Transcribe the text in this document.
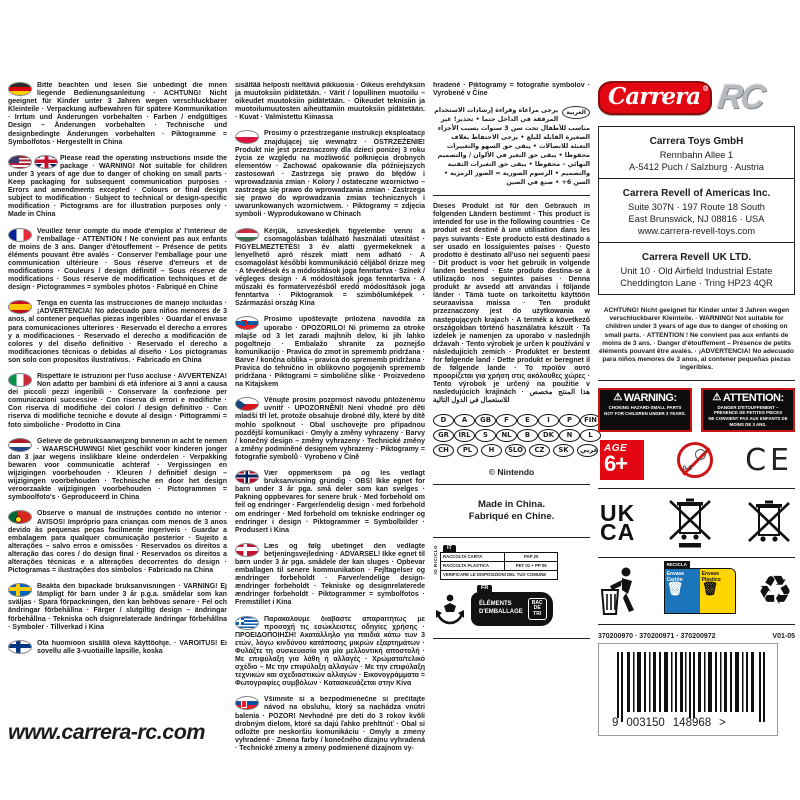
Bitte beachten und lesen Sie unbedingt die innen liegende Bedienungsanleitung · ACHTUNG! Nicht geeignet für Kinder unter 3 Jahren wegen verschluckbarer Kleinteile · Verpackung aufbewahren für spätere Kommunikation · Irrtum und Änderungen vorbehalten · Farben / endgültiges Design – Änderungen vorbehalten · Technische und designbedingte Änderungen vorbehalten · Piktogramme = Symbolfotos · Hergestellt in China

Please read the operating instructions inside the package · WARNING! Not suitable for children under 3 years of age due to danger of choking on small parts · Keep packaging for subsequent communication purposes · Errors and amendments excepted · Colours or final design subject to modification · Subject to technical or design-specific modification · Pictograms are for illustration purposes only · Made in China

Veuillez tenir compte du mode d'emploi a' l'intérieur de l'emballage · ATTENTION ! Ne convient pas aux enfants de moins de 3 ans. Danger d'étouffement – Présence de petits éléments pouvant être avalés · Conserver l'emballage pour une communication ultérieure · Sous réserve d'erreurs et de modifications · Couleurs / design définitif – Sous réserve de modifications · Sous réserve de modification techniques et de design · Pictogrammes = symboles photos · Fabriqué en Chine

Tenga en cuenta las instrucciones de manejo incluidas · ¡ADVERTENCIA! No adecuado para niños menores de 3 anos, al contener pequeñas piezas ingeribles · Guardar el envase para comunicaciones ulteriores · Reservado el derecho a errores y a modificaciones · Reservado el derecho a modificación de colores y del diseño definitivo · Reservado el derecho a modificaciones técnicas o debidas al diseño · Los pictogramas son solo con propositos ilustrativos. · Fabricado en China

Rispettare le istruzioni per l'uso accluse · AVVERTENZA! Non adatto per bambini di età inferiore ai 3 anni a causa dei piccoli pezzi ingeribili · Conservare la confezione per comunicazioni successive · Con riserva di errori e modifiche · Con riserva di modifiche dei colori / design definitivo · Con riserva di modifiche tecniche e dovute al design · Pittogrammi = foto simboliche · Prodotto in Cina

Gelieve de gebruiksaanwijzing binnenin in acht te nemen · WAARSCHUWING! Niet geschikt voor kinderen jonger dan 3 jaar wegens inslikbare kleine onderdelen · Verpakking bewaren voor communicatie achteraf · Vergissingen en wijzigingen voorbehouden · Kleuren / definitief design – wijzigingen voorbehouden · Technische en door het design veroorzaakte wijzigingen voorbehouden · Pictogrammen = symboolfoto's · Geproduceerd in China

Observe o manual de instruções contido no interior · AVISOS! Impróprio para crianças com menos de 3 anos devido às pequenas peças facilmente ingeríveis · Guardar a embalagem para qualquer comunicação posterior · Sujeito a alterações – salvo erros e omissões · Reservados os direitos a alteração das cores / do design final · Reservados os direitos a alterações técnicas e a alterações decorrentes do design · Pictogramas = ilustrações dos símbolos · Fabricado na China

Beakta den bipackade bruksanvisningen · VARNING! Ej lämpligt för barn under 3 år p.g.a. smådelar som kan sväljas · Spara förpackningen, den kan behövas senare · Fel och ändringar förbehållna · Färger / slutgiltig design – ändringar förbehållna · Tekniska och dsignrelaterade ändringar förbehållna · Symboler · Tillverkad i Kina

Ota huomioon sisällä oleva käyttöohje. · VAROITUS! Ei sovellu alle 3-vuotiaille lapsille, koska

sisältää helposti nieltäviä pikkuosia · Oikeus erehdyksiin ja muutoksiin pidätetään. · Värit / lopullinen muotoilu – oikeudet muutoksiin pidätetään. · Oikeudet teknisiin ja muotoilumuutosten aiheuttamiin muutoksiin pidätetään. · Kuvat · Valmistettu Kiinassa

Prosimy o przestrzeganie instrukcji eksploatacji znajdującej się wewnątrz · OSTRZEŻENIE! Produkt nie jest przeznaczony dla dzieci poniżej 3 roku życia ze względu na możliwość połknięcia drobnych elementów · Zachować opakowanie dla późniejszych zastosowań · Zastrzega się prawo do błędów i wprowadzania zmian · Kolory / ostateczne wzornictwo – zastrzega się prawo do wprowadzania zmian · Zastrzega się prawo do wprowadzania zmian technicznych i uwarunkowanych wzornictwem. · Piktogramy = zdjęcia symboli · Wyprodukowano w Chinach

Kérjük, szíveskedjék figyelembe venni a csomagolásban található használati utasítást · FIGYELMEZTETÉS! 3 év alatti gyermekeknek a lenyelhető apró részek miatt nem adható · A csomagolást későbbi kommunikáció céljából őrizze meg · A tévedések és a módosítások joga fenntartva · Színek / végleges design · A módosítások joga fenntartva · A műszaki és formatervezésből eredő módosítások joga fenntartva · Piktogramok = szimbólumképek · Származási ország Kína

Prosimo upoštevajte priložena navodila za uporabo · OPOZORILO! Ni primerno za otroke mlajše od 3 let zaradi majhnih delov, ki jih lahko pogoltnejo · Embalažo shranite za poznejšo komunikacijo · Pravica do zmot in sprememb pridržana · Barve / končna oblika – pravica do sprememb pridržana · Pravica do tehnično in oblikovno pogojenih sprememb pridržana · Piktogrami = simbolične slike · Proizvedeno na Kitajskem

Věnujte prosím pozornost návodu přiloženému uvnitř · UPOZORNĚNÍ! Není vhodné pro děti mladší tří let, protože obsahuje drobné díly, které by dítě mohlo spolknout · Obal uschovejte pro případnou pozdější komunikaci · Omyly a změny vyhrazeny · Barvy / konečný design – změny vyhrazeny · Technické změny a změny podmíněné designem vyhrazeny · Piktogramy = fotografie symbolů · Vyrobeno v Číně

Vær oppmerksom på og les vedlagt bruksanvisning grundig · OBS! Ikke egnet for barn under 3 år pga. små deler som kan svelges · Pakning oppbevares for senere bruk · Med forbehold om feil og endringer · Farger/endelig design - med forbehold om endringer · Med forbehold om tekniske endringer og endringer i design · Piktogrammer = Symbolbilder · Produsert i Kina

Læs og følg ubetinget den vedlagte betjeningsvejledning · ADVARSEL! Ikke egnet til børn under 3 år pga. smådele der kan sluges · Opbevar emballagen til senere kommunikation · Fejltagelser og ændringer forbeholdt · Farver/endelige design- ændringer forbeholdt · Tekniske og designrelaterede ændringer forbeholdt · Piktogrammer = symbolfotos · Fremstillet i Kina

Παρακαλούμε διαβάστε απαραιτήτως με προσοχή τις εσώκλειστες οδηγίες χρήσης · ΠΡΟΕΙΔΟΠΟΙΗΣΗ! Ακατάλληλο για παιδιά κάτω των 3 ετών, λόγω κινδύνου κατάποσης μικρών εξαρτημάτων · Φυλάξτε τη συσκευασία για μία μελλοντική αποστολή · Με επιφύλαξη για λάθη ή αλλαγές · Χρώματα/τελικό σχέδιο – Με την επιφύλαξη αλλαγών · Με την επιφύλαξη τεχνικών και σχεδιαστικών αλλαγών · Εικονογράμματα = Φωτογραφίες συμβόλων · Κατασκευάζεται στην Κίνα

Všimnite si a bezpodmienečne si prečítajte návod na obsluhu, ktorý sa nachádza vnútri balenia · POZOR! Nevhodné pre deti do 3 rokov kvôli drobným dielom, ktoré sa dajú ľahko prehltnúť · Obal si odložte pre neskoršiu komunikáciu · Omyly a zmeny vyhradené · Zmena farby / konečného dizajnu vyhradená · Technické zmeny a zmeny podmienené dizajnom vy-

hradené · Piktogramy = fotografie symbolov · Vyrobené v Číne

العربية
يرجى مراعاة وقراءة إرشادات الاستخدام المرفقة في الداخل حتما • تحذير! غير مناسب للأطفال تحت سن 3 سنوات بسبب الأجزاء الصغيرة القابلة للبلع • يرجى الاحتفاظ بغلاف التعبئة للاتصالات • يبقى حق السهو والتغييرات محفوظا • يبقى حق التغير في الألوان / والتصميم النهائي – محفوظا • يبقى حق التغيرات التقنية والتصميم • الرسوم الصورية = الصور الرمزية • السن 6+ • صنع في الصين

Dieses Produkt ist für den Gebrauch in folgenden Ländern bestimmt · This product is intended for use in the following countries · Ce produit est destiné à une utilisation dans les pays suivants · Este producto está destinado a ser usado en lossiguientes países · Questo prodotto è destinato all'uso nei seguenti paesi · Dit product is voor het gebruik in volgende landen bestemd · Este produto destina-se à utilização nos seguintes países · Denna produkt är avsedd att användas i följande länder · Tämä tuote on tarkoitettu käyttöön seuraavissa maissa · Ten produkt przeznaczony jest do użytkowania w następujących krajach · A termék a következő országokban történő használatra készült · Ta izdelek je namenjen za uporabo v naslednjih državah · Tento výrobek je určen k používání v následujících zemích · Produktet er bestemt for følgende land · Dette produkt er beregnet il de følgende lande · Το προϊόν αυτό προορίζεται για χρήση στις ακόλουθες χώρες · Tento výrobok je určený na použitie v nasledujúcich krajinách · هذا المنتج مخصص للاستعمال في الدول التالية

D	A	GB	F	E	I	P	FIN
GR	IRL	S	NL	B	DK	N	L
CH	PL	H	SLO	CZ	SK	عربي

© Nintendo

Made in China.
Fabriqué en Chine.

IO RICICLO	IT
RACCOLTA CARTA	PAP 20
RACCOLTA PLASTICA	PET 01 + PP 05
VERIFICARE LE DISPOSIZIONI DEL TUO COMUNE
FR
ÉLÉMENTS
D'EMBALLAGE
BAC
DE
TRI
Carrera ® RC
Carrera Toys GmbH
Rennbahn Allee 1
A-5412 Puch / Salzburg · Austria
Carrera Revell of Americas Inc.
Suite 307N · 197 Route 18 South
East Brunswick, NJ 08816 · USA
www.carrera-revell-toys.com
Carrera Revell UK LTD.
Unit 10 · Old Airfield Industrial Estate
Cheddington Lane · Tring HP23 4QR

ACHTUNG! Nicht geeignet für Kinder unter 3 Jahren wegen verschluckbarer Kleinteile. · WARNING! Not suitable for children under 3 years of age due to danger of choking on small parts. · ATTENTION ! Ne convient pas aux enfants de moins de 3 ans. · Danger d'étouffement – Présence de petits éléments pouvant être avalés. · ¡ADVERTENCIA! No adecuado para niños menores de 3 anos, al contener pequeñas piezas ingeribles.

⚠ WARNING:
CHOKING HAZARD-SMALL PARTS
NOT FOR CHILDREN UNDER 3 YEARS.
⚠ ATTENTION:
DANGER D'ETOUFFEMENT – PRESENCE DE PETITES PIECES
NE CONVIENT PAS AUX ENFANTS DE MOINS DE 3 ANS.
AGE
6+	0-3 CE
UK
CA
RECICLA
Envase
Cartón🗑
Envase
Plástico🗑 ♻
370200970 · 370200971 · 370200972	V01-05
9 003150 148968 >
www.carrera-rc.com
